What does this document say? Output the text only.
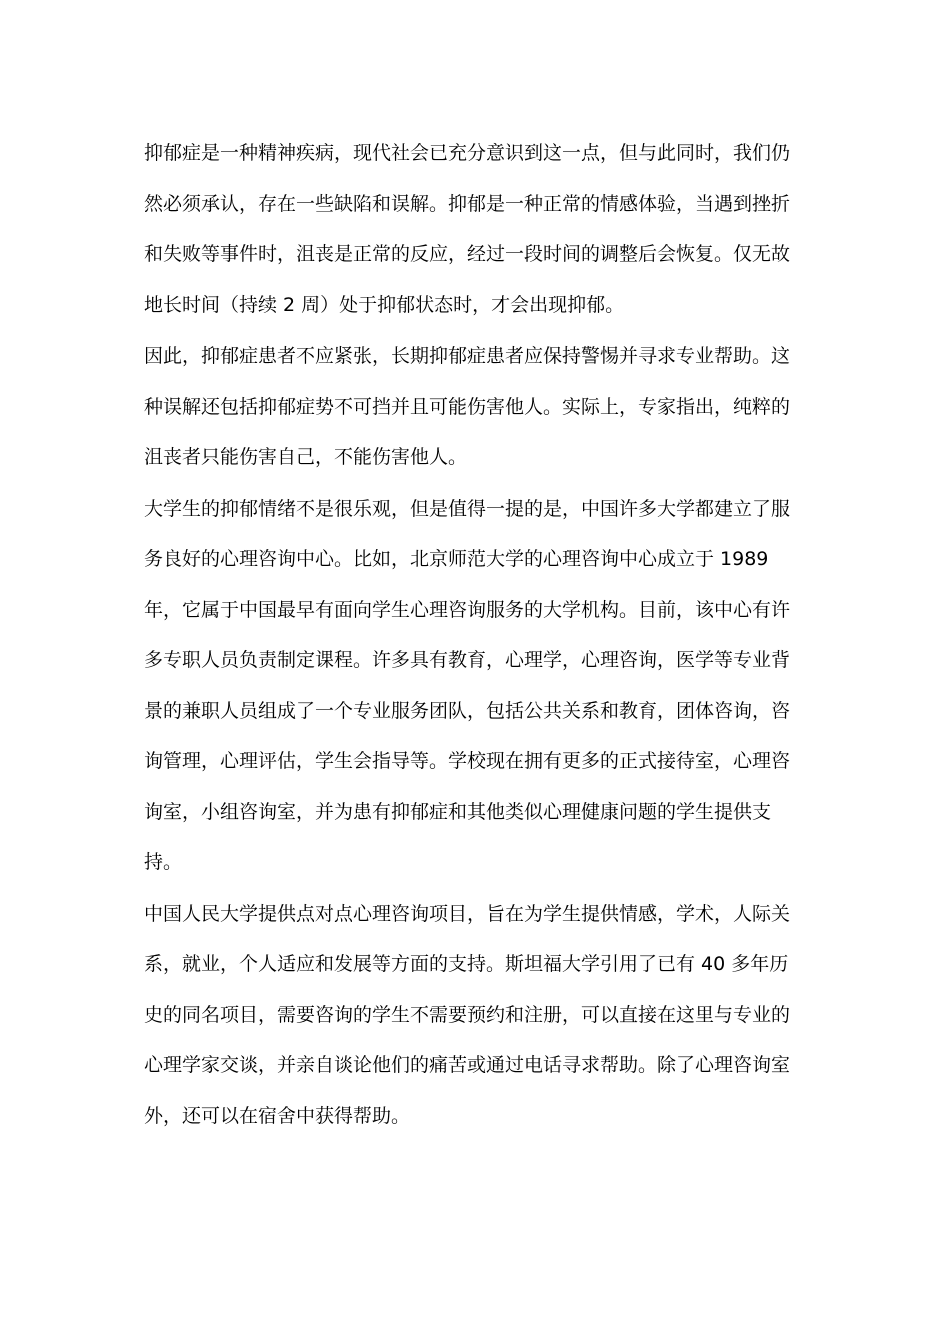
抑郁症是一种精神疾病，现代社会已充分意识到这一点，但与此同时，我们仍然必须承认，存在一些缺陷和误解。抑郁是一种正常的情感体验，当遇到挫折和失败等事件时，沮丧是正常的反应，经过一段时间的调整后会恢复。仅无故地长时间（持续 2 周）处于抑郁状态时，才会出现抑郁。

因此，抑郁症患者不应紧张，长期抑郁症患者应保持警惕并寻求专业帮助。这种误解还包括抑郁症势不可挡并且可能伤害他人。实际上，专家指出，纯粹的沮丧者只能伤害自己，不能伤害他人。

大学生的抑郁情绪不是很乐观，但是值得一提的是，中国许多大学都建立了服务良好的心理咨询中心。比如，北京师范大学的心理咨询中心成立于 1989 年，它属于中国最早有面向学生心理咨询服务的大学机构。目前，该中心有许多专职人员负责制定课程。许多具有教育，心理学，心理咨询，医学等专业背景的兼职人员组成了一个专业服务团队，包括公共关系和教育，团体咨询，咨询管理，心理评估，学生会指导等。学校现在拥有更多的正式接待室，心理咨询室，小组咨询室，并为患有抑郁症和其他类似心理健康问题的学生提供支持。

中国人民大学提供点对点心理咨询项目，旨在为学生提供情感，学术，人际关系，就业，个人适应和发展等方面的支持。斯坦福大学引用了已有 40 多年历史的同名项目，需要咨询的学生不需要预约和注册，可以直接在这里与专业的心理学家交谈，并亲自谈论他们的痛苦或通过电话寻求帮助。除了心理咨询室外，还可以在宿舍中获得帮助。
